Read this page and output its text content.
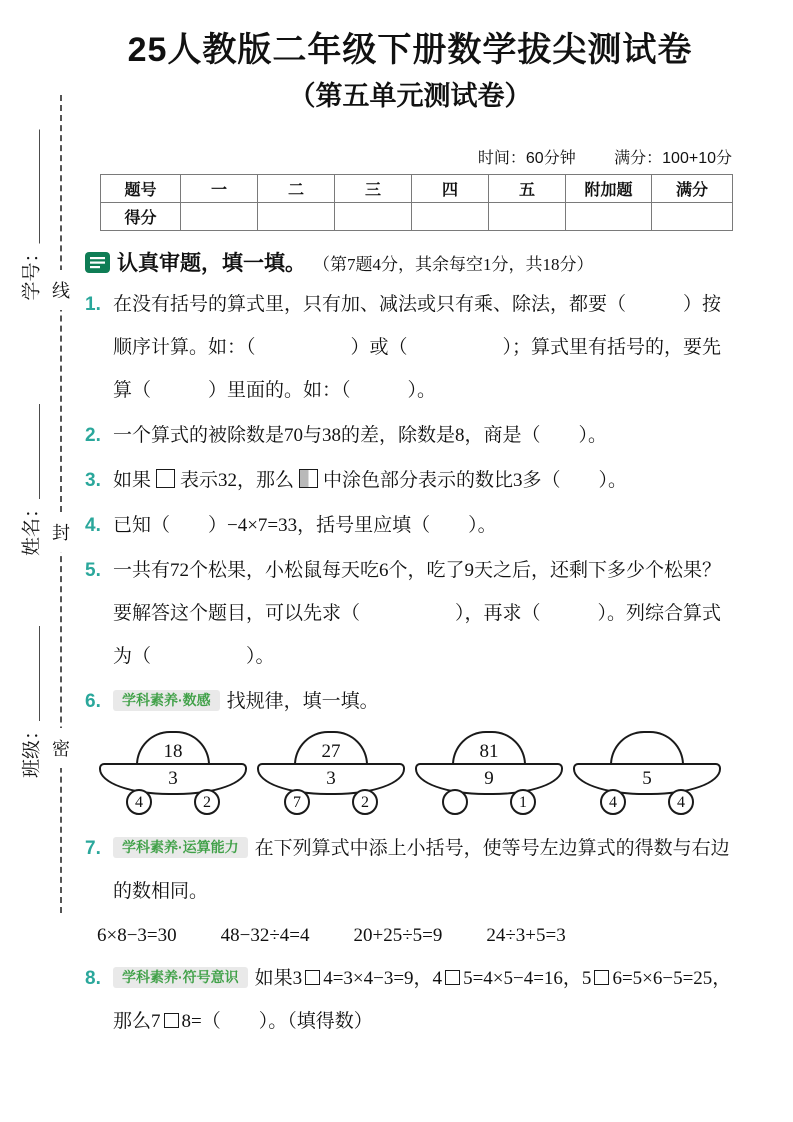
学号：＿＿＿＿＿＿
姓名：＿＿＿＿＿
班级：＿＿＿＿＿
线
封
密
25人教版二年级下册数学拔尖测试卷
（第五单元测试卷）
时间：60分钟 满分：100+10分
题号	一	二	三	四	五	附加题	满分
得分							
认真审题，填一填。 （第7题4分，其余每空1分，共18分）
1. 在没有括号的算式里，只有加、减法或只有乘、除法，都要（　　　）按顺序计算。如：（　　　　　）或（　　　　　）；算式里有括号的，要先算（　　　）里面的。如：（　　　）。
2. 一个算式的被除数是70与38的差，除数是8，商是（　　）。
3. 如果 表示32，那么 中涂色部分表示的数比3多（　　）。
4. 已知（　　）−4×7=33，括号里应填（　　）。
5. 一共有72个松果，小松鼠每天吃6个，吃了9天之后，还剩下多少个松果？要解答这个题目，可以先求（　　　　　），再求（　　　）。列综合算式为（　　　　　）。
6.	学科素养·数感 找规律，填一填。
18
3
4	2
27
3
7	2
81
9
1
5
4	4
7.	学科素养·运算能力 在下列算式中添上小括号，使等号左边算式的得数与右边的数相同。
6×8−3=30 48−32÷4=4 20+25÷5=9 24÷3+5=3
8.	学科素养·符号意识 如果3 4=3×4−3=9，4 5=4×5−4=16，5 6=5×6−5=25，那么7 8=（　　）。（填得数）
